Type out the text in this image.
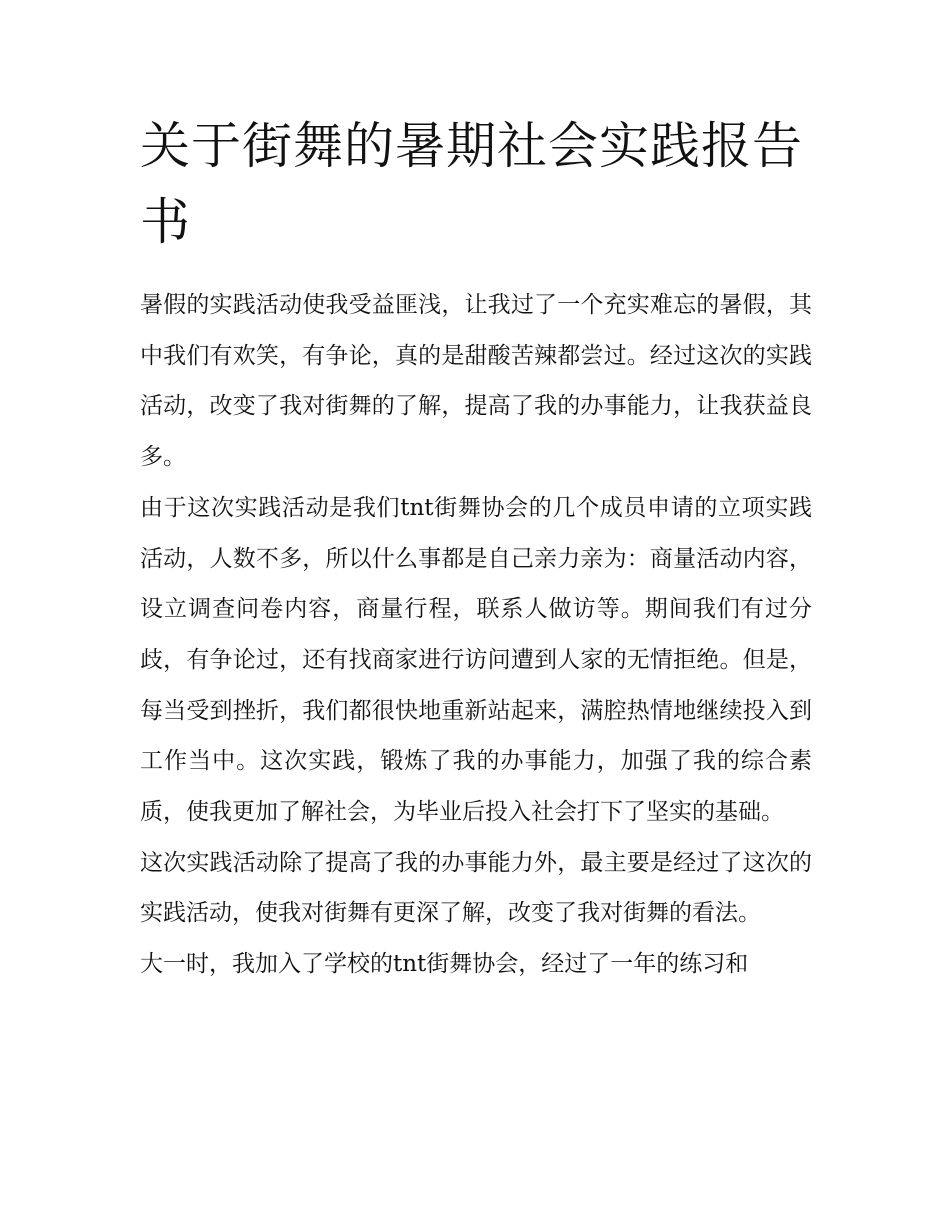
关于街舞的暑期社会实践报告书

暑假的实践活动使我受益匪浅，让我过了一个充实难忘的暑假，其中我们有欢笑，有争论，真的是甜酸苦辣都尝过。经过这次的实践活动，改变了我对街舞的了解，提高了我的办事能力，让我获益良多。

由于这次实践活动是我们tnt街舞协会的几个成员申请的立项实践活动，人数不多，所以什么事都是自己亲力亲为：商量活动内容，设立调查问卷内容，商量行程，联系人做访等。期间我们有过分歧，有争论过，还有找商家进行访问遭到人家的无情拒绝。但是，每当受到挫折，我们都很快地重新站起来，满腔热情地继续投入到工作当中。这次实践，锻炼了我的办事能力，加强了我的综合素质，使我更加了解社会，为毕业后投入社会打下了坚实的基础。

这次实践活动除了提高了我的办事能力外，最主要是经过了这次的实践活动，使我对街舞有更深了解，改变了我对街舞的看法。

大一时，我加入了学校的tnt街舞协会，经过了一年的练习和
